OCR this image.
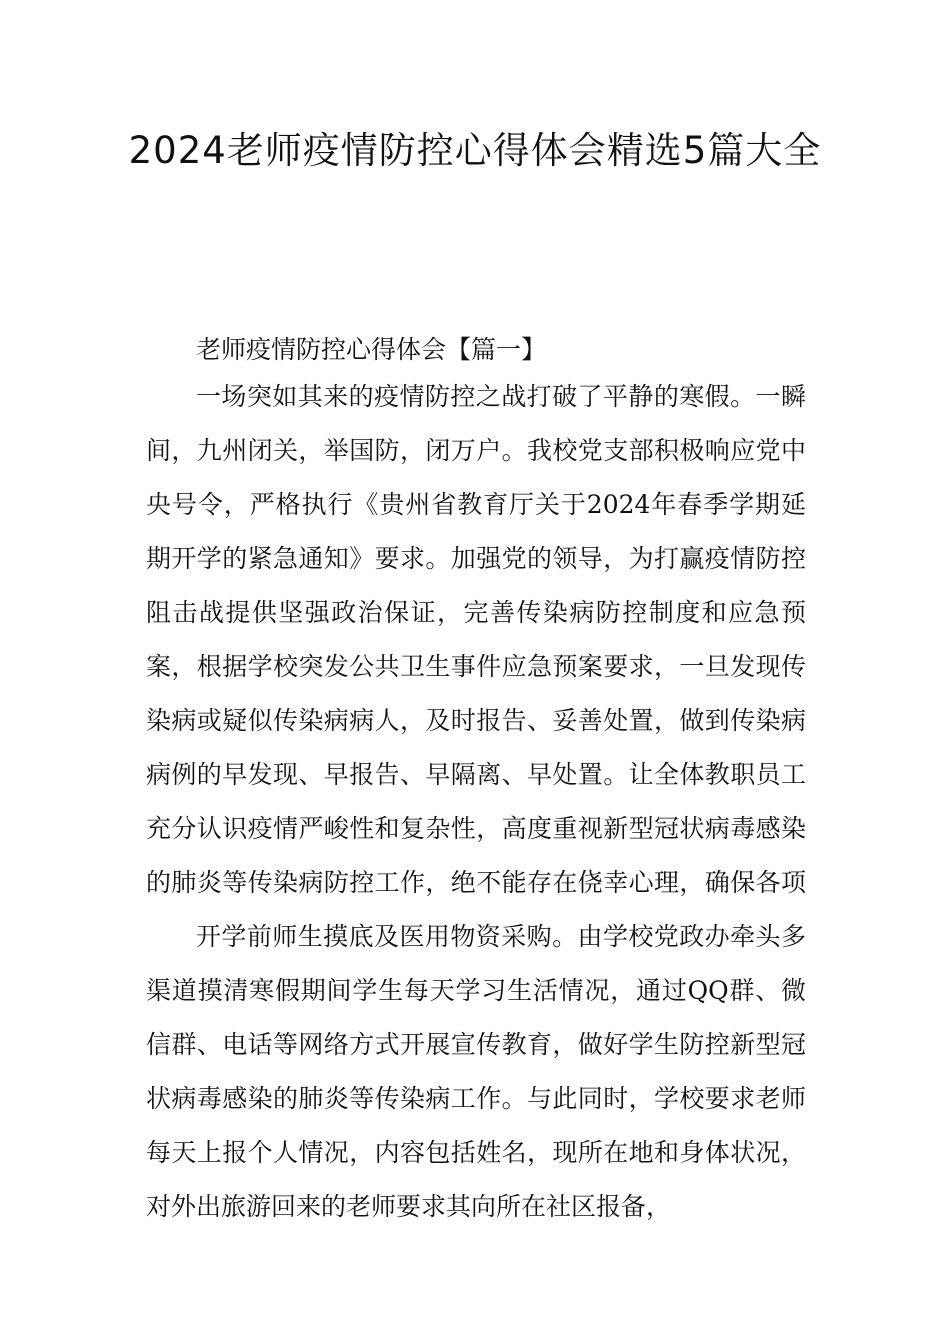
2024老师疫情防控心得体会精选5篇大全
老师疫情防控心得体会【篇一】

一场突如其来的疫情防控之战打破了平静的寒假。一瞬间，九州闭关，举国防，闭万户。我校党支部积极响应党中央号令，严格执行《贵州省教育厅关于2024年春季学期延期开学的紧急通知》要求。加强党的领导，为打赢疫情防控阻击战提供坚强政治保证，完善传染病防控制度和应急预案，根据学校突发公共卫生事件应急预案要求，一旦发现传染病或疑似传染病病人，及时报告、妥善处置，做到传染病病例的早发现、早报告、早隔离、早处置。让全体教职员工充分认识疫情严峻性和复杂性，高度重视新型冠状病毒感染的肺炎等传染病防控工作，绝不能存在侥幸心理，确保各项

开学前师生摸底及医用物资采购。由学校党政办牵头多渠道摸清寒假期间学生每天学习生活情况，通过QQ群、微信群、电话等网络方式开展宣传教育，做好学生防控新型冠状病毒感染的肺炎等传染病工作。与此同时，学校要求老师每天上报个人情况，内容包括姓名，现所在地和身体状况，对外出旅游回来的老师要求其向所在社区报备，
